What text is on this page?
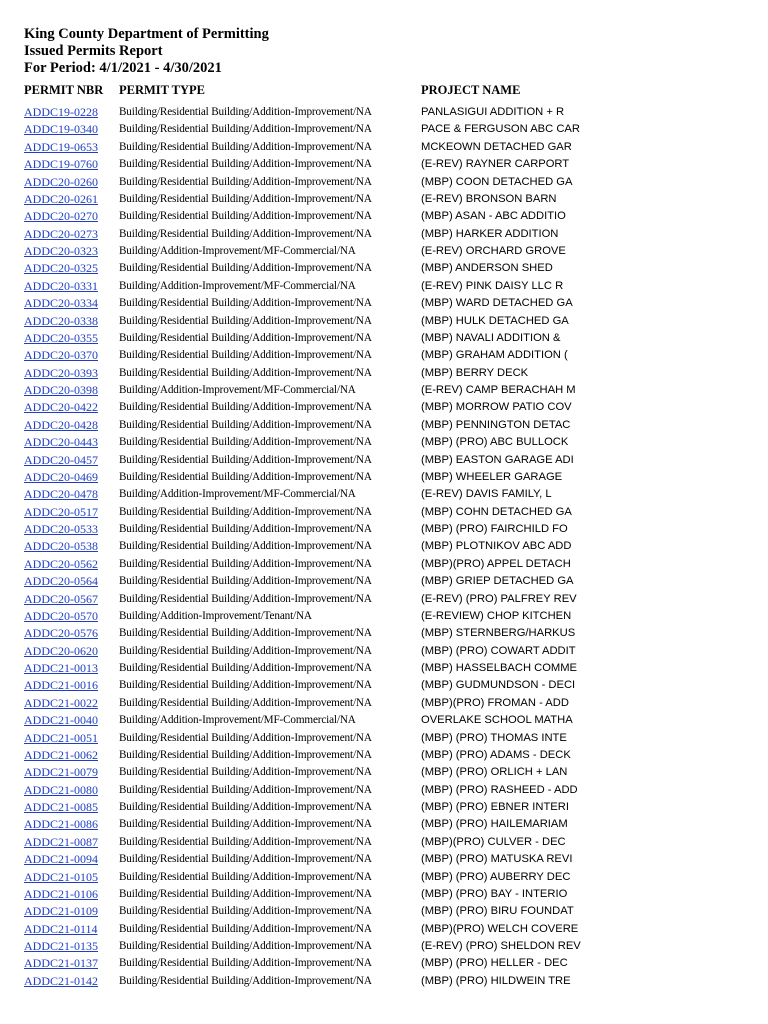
King County Department of Permitting
Issued Permits Report
For Period: 4/1/2021 - 4/30/2021
PERMIT NBR PERMIT TYPE	PROJECT NAME
ADDC19-0228 Building/Residential Building/Addition-Improvement/NA	PANLASIGUI ADDITION + R
ADDC19-0340 Building/Residential Building/Addition-Improvement/NA	PACE & FERGUSON ABC CAR
ADDC19-0653 Building/Residential Building/Addition-Improvement/NA	MCKEOWN DETACHED GAR
ADDC19-0760 Building/Residential Building/Addition-Improvement/NA	(E-REV) RAYNER CARPORT
ADDC20-0260 Building/Residential Building/Addition-Improvement/NA	(MBP) COON DETACHED GA
ADDC20-0261 Building/Residential Building/Addition-Improvement/NA	(E-REV) BRONSON BARN
ADDC20-0270 Building/Residential Building/Addition-Improvement/NA	(MBP) ASAN - ABC ADDITIO
ADDC20-0273 Building/Residential Building/Addition-Improvement/NA	(MBP) HARKER ADDITION
ADDC20-0323 Building/Addition-Improvement/MF-Commercial/NA	(E-REV) ORCHARD GROVE
ADDC20-0325 Building/Residential Building/Addition-Improvement/NA	(MBP) ANDERSON SHED
ADDC20-0331 Building/Addition-Improvement/MF-Commercial/NA	(E-REV) PINK DAISY LLC R
ADDC20-0334 Building/Residential Building/Addition-Improvement/NA	(MBP) WARD DETACHED GA
ADDC20-0338 Building/Residential Building/Addition-Improvement/NA	(MBP) HULK DETACHED GA
ADDC20-0355 Building/Residential Building/Addition-Improvement/NA	(MBP) NAVALI ADDITION &
ADDC20-0370 Building/Residential Building/Addition-Improvement/NA	(MBP) GRAHAM ADDITION (
ADDC20-0393 Building/Residential Building/Addition-Improvement/NA	(MBP) BERRY DECK
ADDC20-0398 Building/Addition-Improvement/MF-Commercial/NA	(E-REV) CAMP BERACHAH M
ADDC20-0422 Building/Residential Building/Addition-Improvement/NA	(MBP) MORROW PATIO COV
ADDC20-0428 Building/Residential Building/Addition-Improvement/NA	(MBP) PENNINGTON DETAC
ADDC20-0443 Building/Residential Building/Addition-Improvement/NA	(MBP) (PRO) ABC BULLOCK
ADDC20-0457 Building/Residential Building/Addition-Improvement/NA	(MBP) EASTON GARAGE ADI
ADDC20-0469 Building/Residential Building/Addition-Improvement/NA	(MBP) WHEELER GARAGE
ADDC20-0478 Building/Addition-Improvement/MF-Commercial/NA	(E-REV) DAVIS FAMILY, L
ADDC20-0517 Building/Residential Building/Addition-Improvement/NA	(MBP) COHN DETACHED GA
ADDC20-0533 Building/Residential Building/Addition-Improvement/NA	(MBP) (PRO) FAIRCHILD FO
ADDC20-0538 Building/Residential Building/Addition-Improvement/NA	(MBP) PLOTNIKOV ABC ADD
ADDC20-0562 Building/Residential Building/Addition-Improvement/NA	(MBP)(PRO) APPEL DETACH
ADDC20-0564 Building/Residential Building/Addition-Improvement/NA	(MBP) GRIEP DETACHED GA
ADDC20-0567 Building/Residential Building/Addition-Improvement/NA	(E-REV) (PRO) PALFREY REV
ADDC20-0570 Building/Addition-Improvement/Tenant/NA	(E-REVIEW) CHOP KITCHEN
ADDC20-0576 Building/Residential Building/Addition-Improvement/NA	(MBP) STERNBERG/HARKUS
ADDC20-0620 Building/Residential Building/Addition-Improvement/NA	(MBP) (PRO) COWART ADDIT
ADDC21-0013 Building/Residential Building/Addition-Improvement/NA	(MBP) HASSELBACH COMME
ADDC21-0016 Building/Residential Building/Addition-Improvement/NA	(MBP) GUDMUNDSON - DECI
ADDC21-0022 Building/Residential Building/Addition-Improvement/NA	(MBP)(PRO) FROMAN - ADD
ADDC21-0040 Building/Addition-Improvement/MF-Commercial/NA	OVERLAKE SCHOOL MATHA
ADDC21-0051 Building/Residential Building/Addition-Improvement/NA	(MBP) (PRO) THOMAS INTE
ADDC21-0062 Building/Residential Building/Addition-Improvement/NA	(MBP) (PRO) ADAMS - DECK
ADDC21-0079 Building/Residential Building/Addition-Improvement/NA	(MBP) (PRO) ORLICH + LAN
ADDC21-0080 Building/Residential Building/Addition-Improvement/NA	(MBP) (PRO) RASHEED - ADD
ADDC21-0085 Building/Residential Building/Addition-Improvement/NA	(MBP) (PRO) EBNER INTERI
ADDC21-0086 Building/Residential Building/Addition-Improvement/NA	(MBP) (PRO) HAILEMARIAM
ADDC21-0087 Building/Residential Building/Addition-Improvement/NA	(MBP)(PRO) CULVER - DEC
ADDC21-0094 Building/Residential Building/Addition-Improvement/NA	(MBP) (PRO) MATUSKA REVI
ADDC21-0105 Building/Residential Building/Addition-Improvement/NA	(MBP) (PRO) AUBERRY DEC
ADDC21-0106 Building/Residential Building/Addition-Improvement/NA	(MBP) (PRO) BAY - INTERIO
ADDC21-0109 Building/Residential Building/Addition-Improvement/NA	(MBP) (PRO) BIRU FOUNDAT
ADDC21-0114 Building/Residential Building/Addition-Improvement/NA	(MBP)(PRO) WELCH COVERE
ADDC21-0135 Building/Residential Building/Addition-Improvement/NA	(E-REV) (PRO) SHELDON REV
ADDC21-0137 Building/Residential Building/Addition-Improvement/NA	(MBP) (PRO) HELLER - DEC
ADDC21-0142 Building/Residential Building/Addition-Improvement/NA	(MBP) (PRO) HILDWEIN TRE
